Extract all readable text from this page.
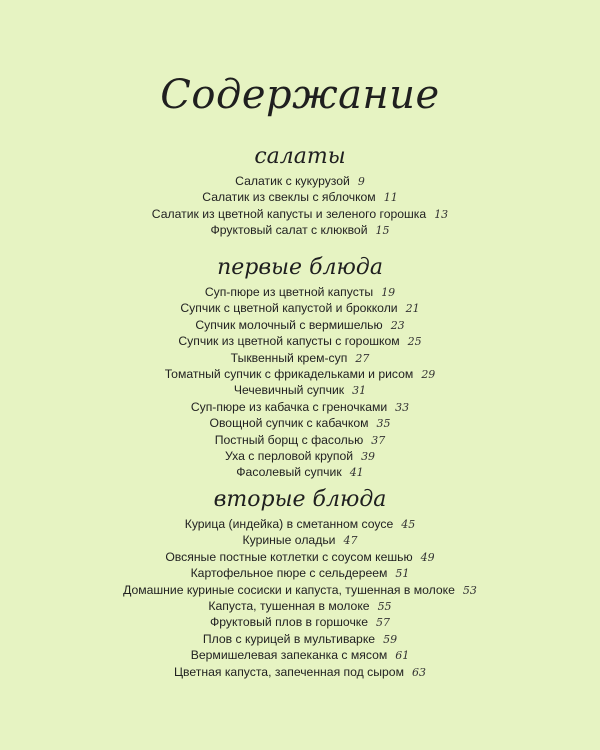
Содержание
салаты
Салатик с кукурузой 9
Салатик из свеклы с яблочком 11
Салатик из цветной капусты и зеленого горошка 13
Фруктовый салат с клюквой 15
первые блюда
Суп-пюре из цветной капусты 19
Супчик с цветной капустой и брокколи 21
Супчик молочный с вермишелью 23
Супчик из цветной капусты с горошком 25
Тыквенный крем-суп 27
Томатный супчик с фрикадельками и рисом 29
Чечевичный супчик 31
Суп-пюре из кабачка с греночками 33
Овощной супчик с кабачком 35
Постный борщ с фасолью 37
Уха с перловой крупой 39
Фасолевый супчик 41
вторые блюда
Курица (индейка) в сметанном соусе 45
Куриные оладьи 47
Овсяные постные котлетки с соусом кешью 49
Картофельное пюре с сельдереем 51
Домашние куриные сосиски и капуста, тушенная в молоке 53
Капуста, тушенная в молоке 55
Фруктовый плов в горшочке 57
Плов с курицей в мультиварке 59
Вермишелевая запеканка с мясом 61
Цветная капуста, запеченная под сыром 63
